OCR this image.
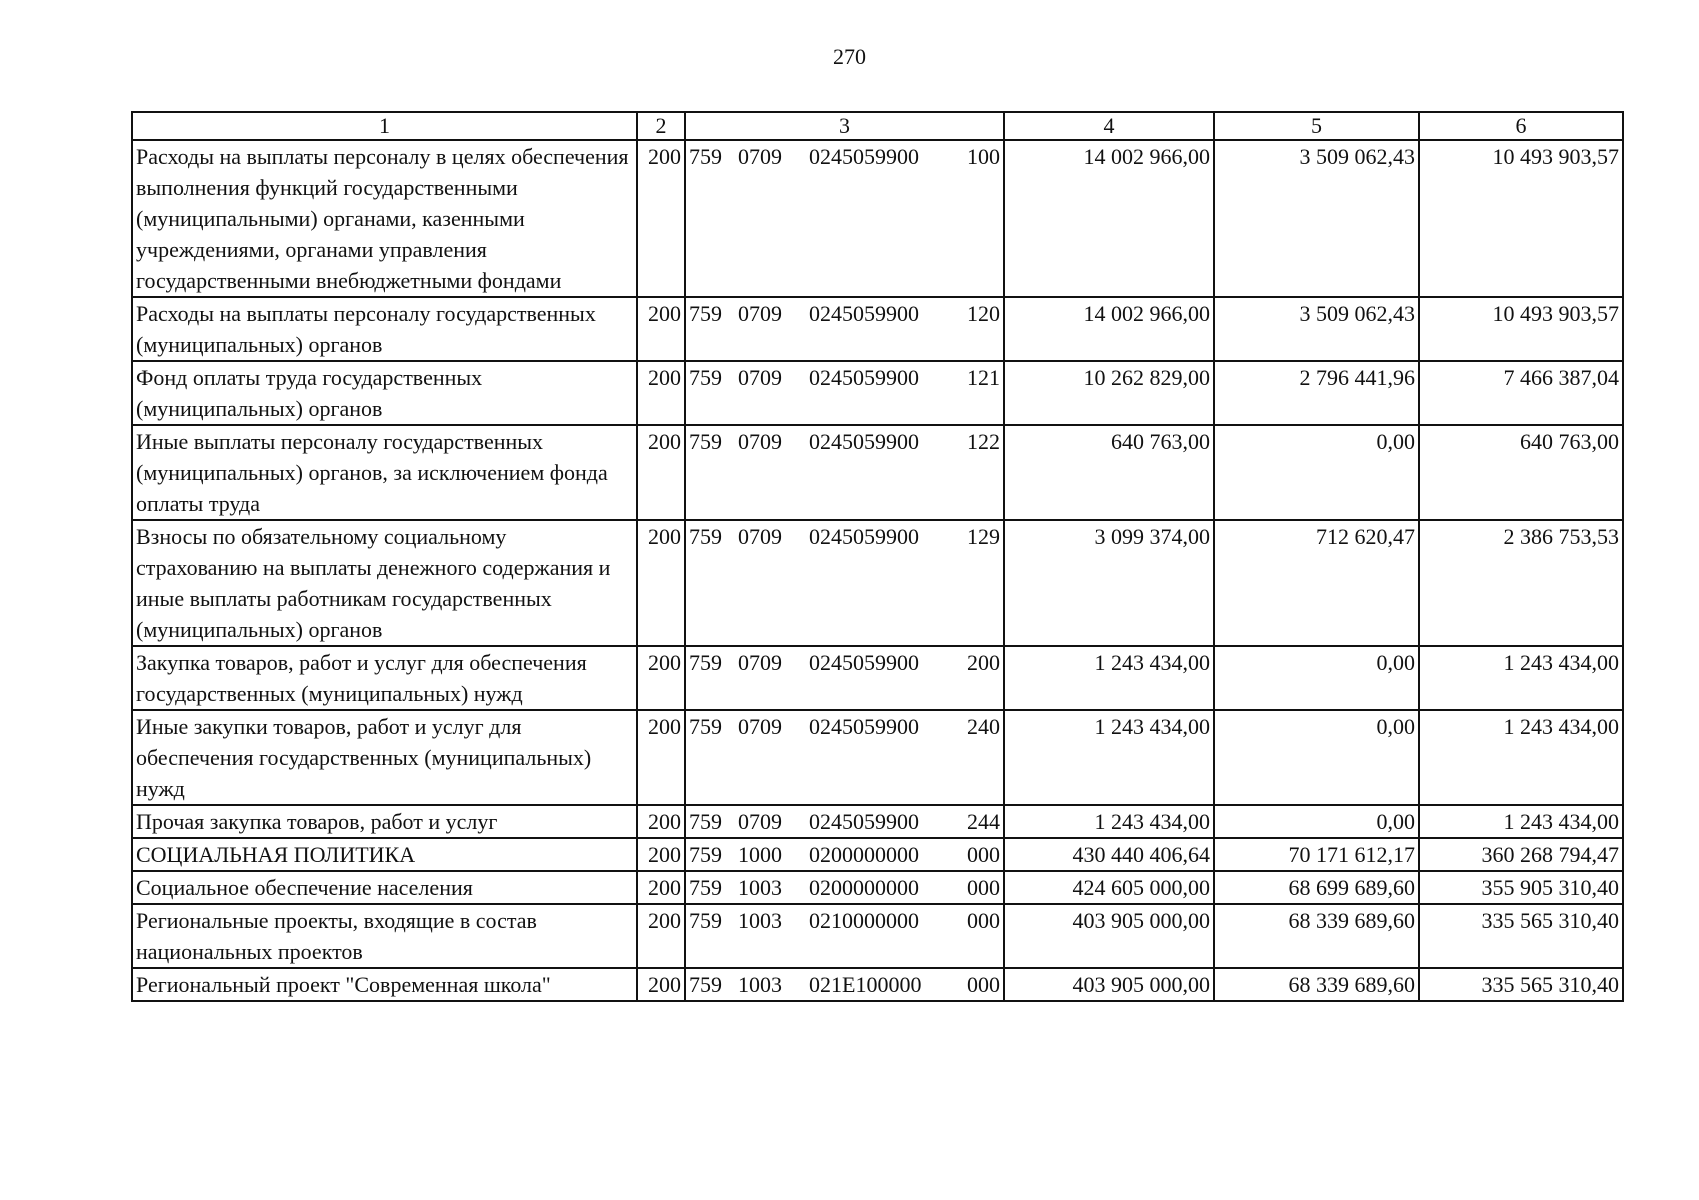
270
1	2	3	4	5	6
Расходы на выплаты персоналу в целях обеспечения выполнения функций государственными (муниципальными) органами, казенными учреждениями, органами управления государственными внебюджетными фондами	200	759 0709 0245059900 100	14 002 966,00	3 509 062,43	10 493 903,57
Расходы на выплаты персоналу государственных (муниципальных) органов	200	759 0709 0245059900 120	14 002 966,00	3 509 062,43	10 493 903,57
Фонд оплаты труда государственных (муниципальных) органов	200	759 0709 0245059900 121	10 262 829,00	2 796 441,96	7 466 387,04
Иные выплаты персоналу государственных (муниципальных) органов, за исключением фонда оплаты труда	200	759 0709 0245059900 122	640 763,00	0,00	640 763,00
Взносы по обязательному социальному страхованию на выплаты денежного содержания и иные выплаты работникам государственных (муниципальных) органов	200	759 0709 0245059900 129	3 099 374,00	712 620,47	2 386 753,53
Закупка товаров, работ и услуг для обеспечения государственных (муниципальных) нужд	200	759 0709 0245059900 200	1 243 434,00	0,00	1 243 434,00
Иные закупки товаров, работ и услуг для обеспечения государственных (муниципальных) нужд	200	759 0709 0245059900 240	1 243 434,00	0,00	1 243 434,00
Прочая закупка товаров, работ и услуг	200	759 0709 0245059900 244	1 243 434,00	0,00	1 243 434,00
СОЦИАЛЬНАЯ ПОЛИТИКА	200	759 1000 0200000000 000	430 440 406,64	70 171 612,17	360 268 794,47
Социальное обеспечение населения	200	759 1003 0200000000 000	424 605 000,00	68 699 689,60	355 905 310,40
Региональные проекты, входящие в состав национальных проектов	200	759 1003 0210000000 000	403 905 000,00	68 339 689,60	335 565 310,40
Региональный проект "Современная школа"	200	759 1003 021E100000 000	403 905 000,00	68 339 689,60	335 565 310,40
